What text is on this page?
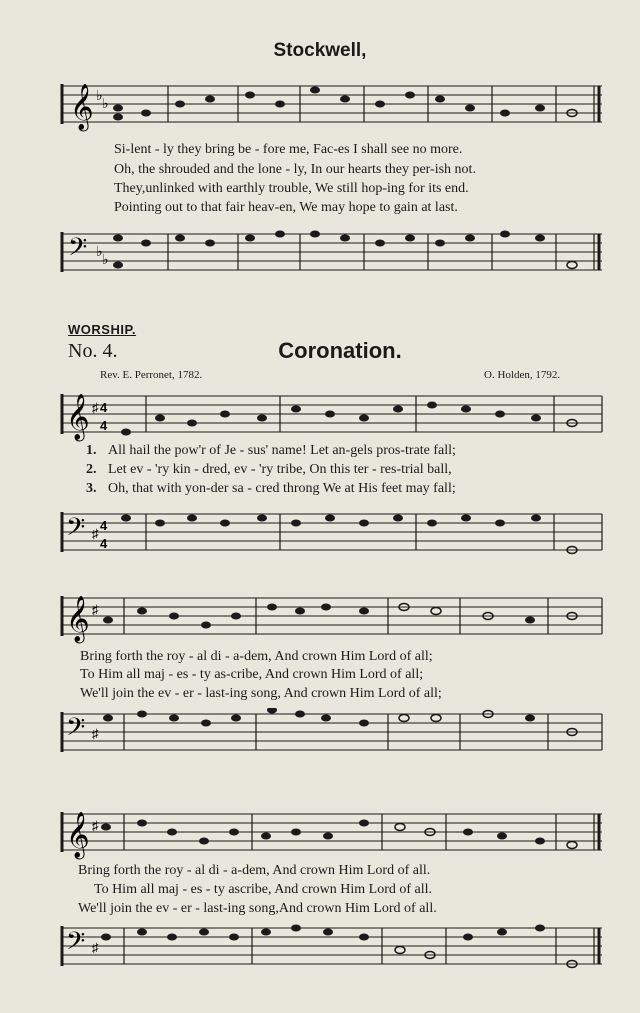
Stockwell,
𝄞 ♭ ♭
Si-lent - ly they bring be - fore me, Fac-es I shall see no more.
Oh, the shrouded and the lone - ly, In our hearts they per-ish not.
They,unlinked with earthly trouble, We still hop-ing for its end.
Pointing out to that fair heav-en, We may hope to gain at last.
𝄢 ♭ ♭
WORSHIP.
No. 4.	Coronation.
Rev. E. Perronet, 1782.	O. Holden, 1792.
𝄞 ♯ 4
4
1. All hail the pow'r of Je - sus' name! Let an-gels pros-trate fall;
2. Let ev - 'ry kin - dred, ev - 'ry tribe, On this ter - res-trial ball,
3. Oh, that with yon-der sa - cred throng We at His feet may fall;
𝄢 ♯
4
4
𝄞 ♯
Bring forth the roy - al di - a-dem, And crown Him Lord of all;
To Him all maj - es - ty as-cribe, And crown Him Lord of all;
We'll join the ev - er - last-ing song, And crown Him Lord of all;
𝄢 ♯
𝄞 ♯
Bring forth the roy - al di - a-dem, And crown Him Lord of all.
To Him all maj - es - ty ascribe, And crown Him Lord of all.
We'll join the ev - er - last-ing song,And crown Him Lord of all.
𝄢 ♯
